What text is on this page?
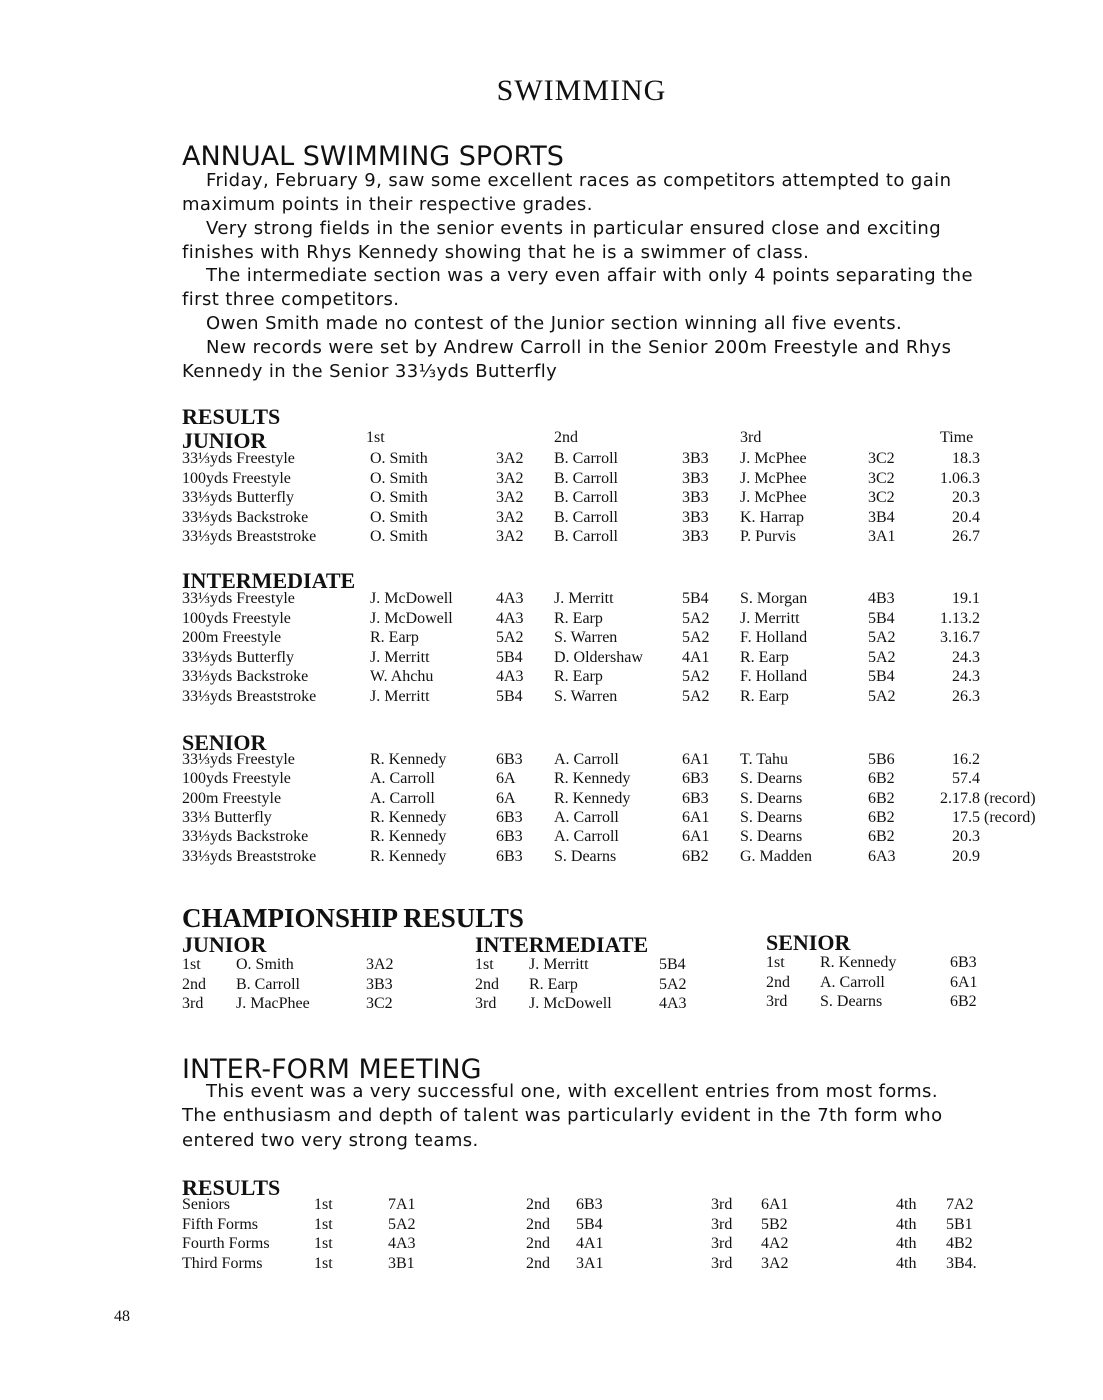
SWIMMING
ANNUAL SWIMMING SPORTS
Friday, February 9, saw some excellent races as competitors attempted to gain
maximum points in their respective grades.
Very strong fields in the senior events in particular ensured close and exciting
finishes with Rhys Kennedy showing that he is a swimmer of class.
The intermediate section was a very even affair with only 4 points separating the
first three competitors.
Owen Smith made no contest of the Junior section winning all five events.
New records were set by Andrew Carroll in the Senior 200m Freestyle and Rhys
Kennedy in the Senior 33⅓yds Butterfly
RESULTS
JUNIOR	1st	2nd	3rd	Time
33⅓yds Freestyle	O. Smith	3A2 B. Carroll	3B3 J. McPhee	3C2	18.3
100yds Freestyle	O. Smith	3A2 B. Carroll	3B3 J. McPhee	3C2	1.06.3
33⅓yds Butterfly	O. Smith	3A2 B. Carroll	3B3 J. McPhee	3C2	20.3
33⅓yds Backstroke	O. Smith	3A2 B. Carroll	3B3 K. Harrap	3B4	20.4
33⅓yds Breaststroke	O. Smith	3A2 B. Carroll	3B3 P. Purvis	3A1	26.7
INTERMEDIATE
33⅓yds Freestyle	J. McDowell	4A3 J. Merritt	5B4 S. Morgan	4B3	19.1
100yds Freestyle	J. McDowell	4A3 R. Earp	5A2 J. Merritt	5B4	1.13.2
200m Freestyle	R. Earp	5A2 S. Warren	5A2 F. Holland	5A2	3.16.7
33⅓yds Butterfly	J. Merritt	5B4 D. Oldershaw 4A1 R. Earp	5A2	24.3
33⅓yds Backstroke	W. Ahchu	4A3 R. Earp	5A2 F. Holland	5B4	24.3
33⅓yds Breaststroke	J. Merritt	5B4 S. Warren	5A2 R. Earp	5A2	26.3
SENIOR
33⅓yds Freestyle	R. Kennedy	6B3 A. Carroll	6A1 T. Tahu	5B6	16.2
100yds Freestyle	A. Carroll	6A R. Kennedy	6B3 S. Dearns	6B2	57.4
200m Freestyle	A. Carroll	6A R. Kennedy	6B3 S. Dearns	6B2	2.17.8 (record)
33⅓ Butterfly	R. Kennedy	6B3 A. Carroll	6A1 S. Dearns	6B2	17.5 (record)
33⅓yds Backstroke	R. Kennedy	6B3 A. Carroll	6A1 S. Dearns	6B2	20.3
33⅓yds Breaststroke	R. Kennedy	6B3 S. Dearns	6B2 G. Madden	6A3	20.9
CHAMPIONSHIP RESULTS
JUNIOR
1st O. Smith	3A2
2nd B. Carroll	3B3
3rd J. MacPhee	3C2
INTERMEDIATE
1st J. Merritt	5B4
2nd R. Earp	5A2
3rd J. McDowell	4A3
SENIOR
1st R. Kennedy	6B3
2nd A. Carroll	6A1
3rd S. Dearns	6B2
INTER-FORM MEETING
This event was a very successful one, with excellent entries from most forms.
The enthusiasm and depth of talent was particularly evident in the 7th form who
entered two very strong teams.
RESULTS
Seniors	1st	7A1	2nd 6B3	3rd 6A1	4th 7A2
Fifth Forms	1st	5A2	2nd 5B4	3rd 5B2	4th 5B1
Fourth Forms	1st	4A3	2nd 4A1	3rd 4A2	4th 4B2
Third Forms	1st	3B1	2nd 3A1	3rd 3A2	4th 3B4.
48
